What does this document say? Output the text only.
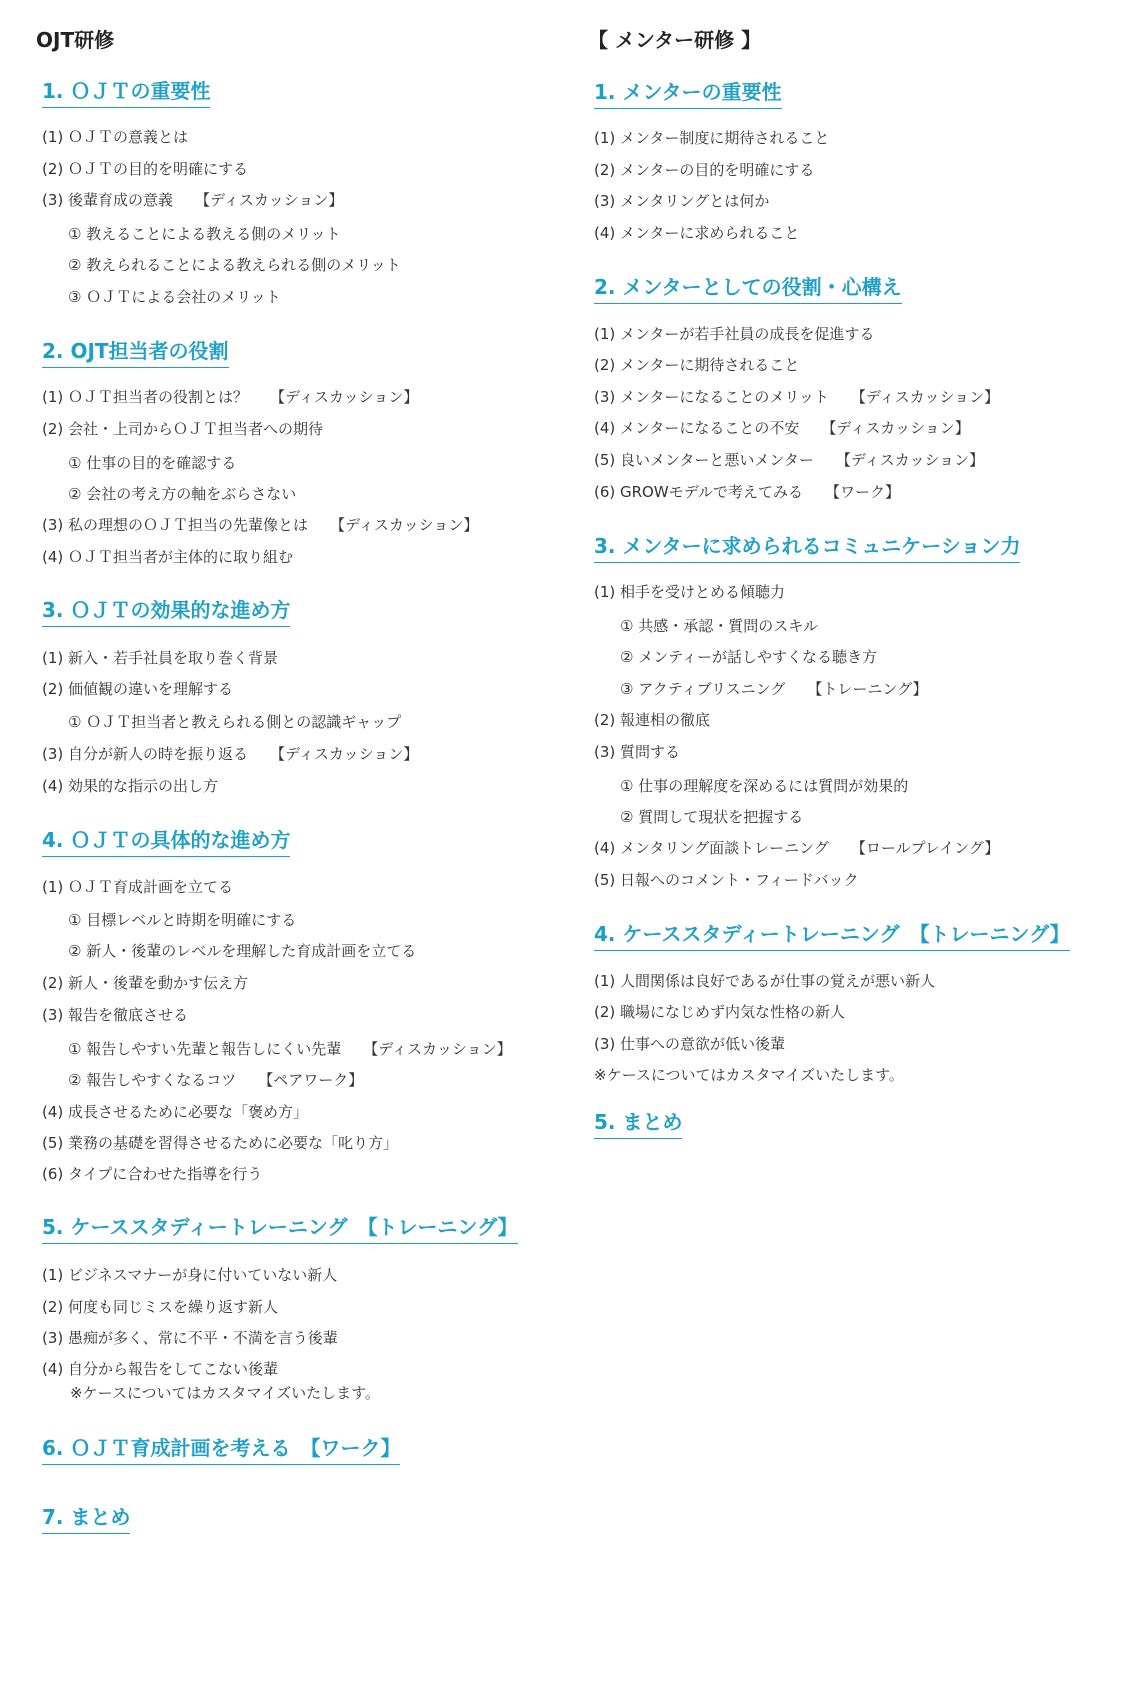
OJT研修
1. ＯＪＴの重要性

(1) ＯＪＴの意義とは

(2) ＯＪＴの目的を明確にする

(3) 後輩育成の意義 【ディスカッション】

① 教えることによる教える側のメリット

② 教えられることによる教えられる側のメリット

③ ＯＪＴによる会社のメリット

2. OJT担当者の役割

(1) ＯＪＴ担当者の役割とは？ 【ディスカッション】

(2) 会社・上司からＯＪＴ担当者への期待

① 仕事の目的を確認する

② 会社の考え方の軸をぶらさない

(3) 私の理想のＯＪＴ担当の先輩像とは 【ディスカッション】

(4) ＯＪＴ担当者が主体的に取り組む

3. ＯＪＴの効果的な進め方

(1) 新入・若手社員を取り巻く背景

(2) 価値観の違いを理解する

① ＯＪＴ担当者と教えられる側との認識ギャップ

(3) 自分が新人の時を振り返る 【ディスカッション】

(4) 効果的な指示の出し方

4. ＯＪＴの具体的な進め方

(1) ＯＪＴ育成計画を立てる

① 目標レベルと時期を明確にする

② 新人・後輩のレベルを理解した育成計画を立てる

(2) 新人・後輩を動かす伝え方

(3) 報告を徹底させる

① 報告しやすい先輩と報告しにくい先輩 【ディスカッション】

② 報告しやすくなるコツ 【ペアワーク】

(4) 成長させるために必要な「褒め方」

(5) 業務の基礎を習得させるために必要な「叱り方」

(6) タイプに合わせた指導を行う

5. ケーススタディートレーニング　【トレーニング】

(1) ビジネスマナーが身に付いていない新人

(2) 何度も同じミスを繰り返す新人

(3) 愚痴が多く、常に不平・不満を言う後輩

(4) 自分から報告をしてこない後輩

※ケースについてはカスタマイズいたします。

6. ＯＪＴ育成計画を考える　【ワーク】
7. まとめ
【 メンター研修 】
1. メンターの重要性

(1) メンター制度に期待されること

(2) メンターの目的を明確にする

(3) メンタリングとは何か

(4) メンターに求められること

2. メンターとしての役割・心構え

(1) メンターが若手社員の成長を促進する

(2) メンターに期待されること

(3) メンターになることのメリット 【ディスカッション】

(4) メンターになることの不安 【ディスカッション】

(5) 良いメンターと悪いメンター 【ディスカッション】

(6) GROWモデルで考えてみる 【ワーク】

3. メンターに求められるコミュニケーション力

(1) 相手を受けとめる傾聴力

① 共感・承認・質問のスキル

② メンティーが話しやすくなる聴き方

③ アクティブリスニング 【トレーニング】

(2) 報連相の徹底

(3) 質問する

① 仕事の理解度を深めるには質問が効果的

② 質問して現状を把握する

(4) メンタリング面談トレーニング 【ロールプレイング】

(5) 日報へのコメント・フィードバック

4. ケーススタディートレーニング　【トレーニング】

(1) 人間関係は良好であるが仕事の覚えが悪い新人

(2) 職場になじめず内気な性格の新人

(3) 仕事への意欲が低い後輩

※ケースについてはカスタマイズいたします。

5. まとめ
